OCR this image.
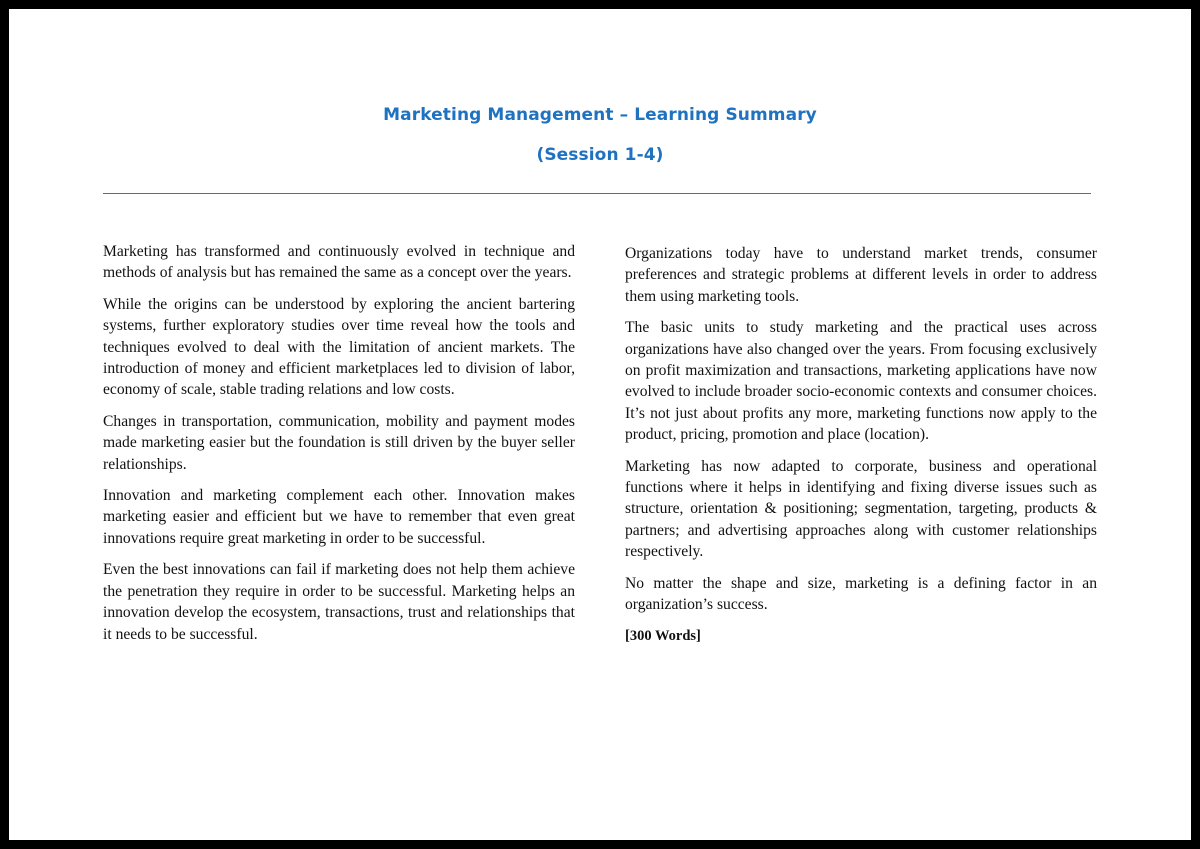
Marketing Management – Learning Summary
(Session 1-4)

Marketing has transformed and continuously evolved in technique and methods of analysis but has remained the same as a concept over the years.

While the origins can be understood by exploring the ancient bartering systems, further exploratory studies over time reveal how the tools and techniques evolved to deal with the limitation of ancient markets. The introduction of money and efficient marketplaces led to division of labor, economy of scale, stable trading relations and low costs.

Changes in transportation, communication, mobility and payment modes made marketing easier but the foundation is still driven by the buyer seller relationships.

Innovation and marketing complement each other. Innovation makes marketing easier and efficient but we have to remember that even great innovations require great marketing in order to be successful.

Even the best innovations can fail if marketing does not help them achieve the penetration they require in order to be successful. Marketing helps an innovation develop the ecosystem, transactions, trust and relationships that it needs to be successful.

Organizations today have to understand market trends, consumer preferences and strategic problems at different levels in order to address them using marketing tools.

The basic units to study marketing and the practical uses across organizations have also changed over the years. From focusing exclusively on profit maximization and transactions, marketing applications have now evolved to include broader socio-economic contexts and consumer choices. It’s not just about profits any more, marketing functions now apply to the product, pricing, promotion and place (location).

Marketing has now adapted to corporate, business and operational functions where it helps in identifying and fixing diverse issues such as structure, orientation & positioning; segmentation, targeting, products & partners; and advertising approaches along with customer relationships respectively.

No matter the shape and size, marketing is a defining factor in an organization’s success.

[300 Words]
